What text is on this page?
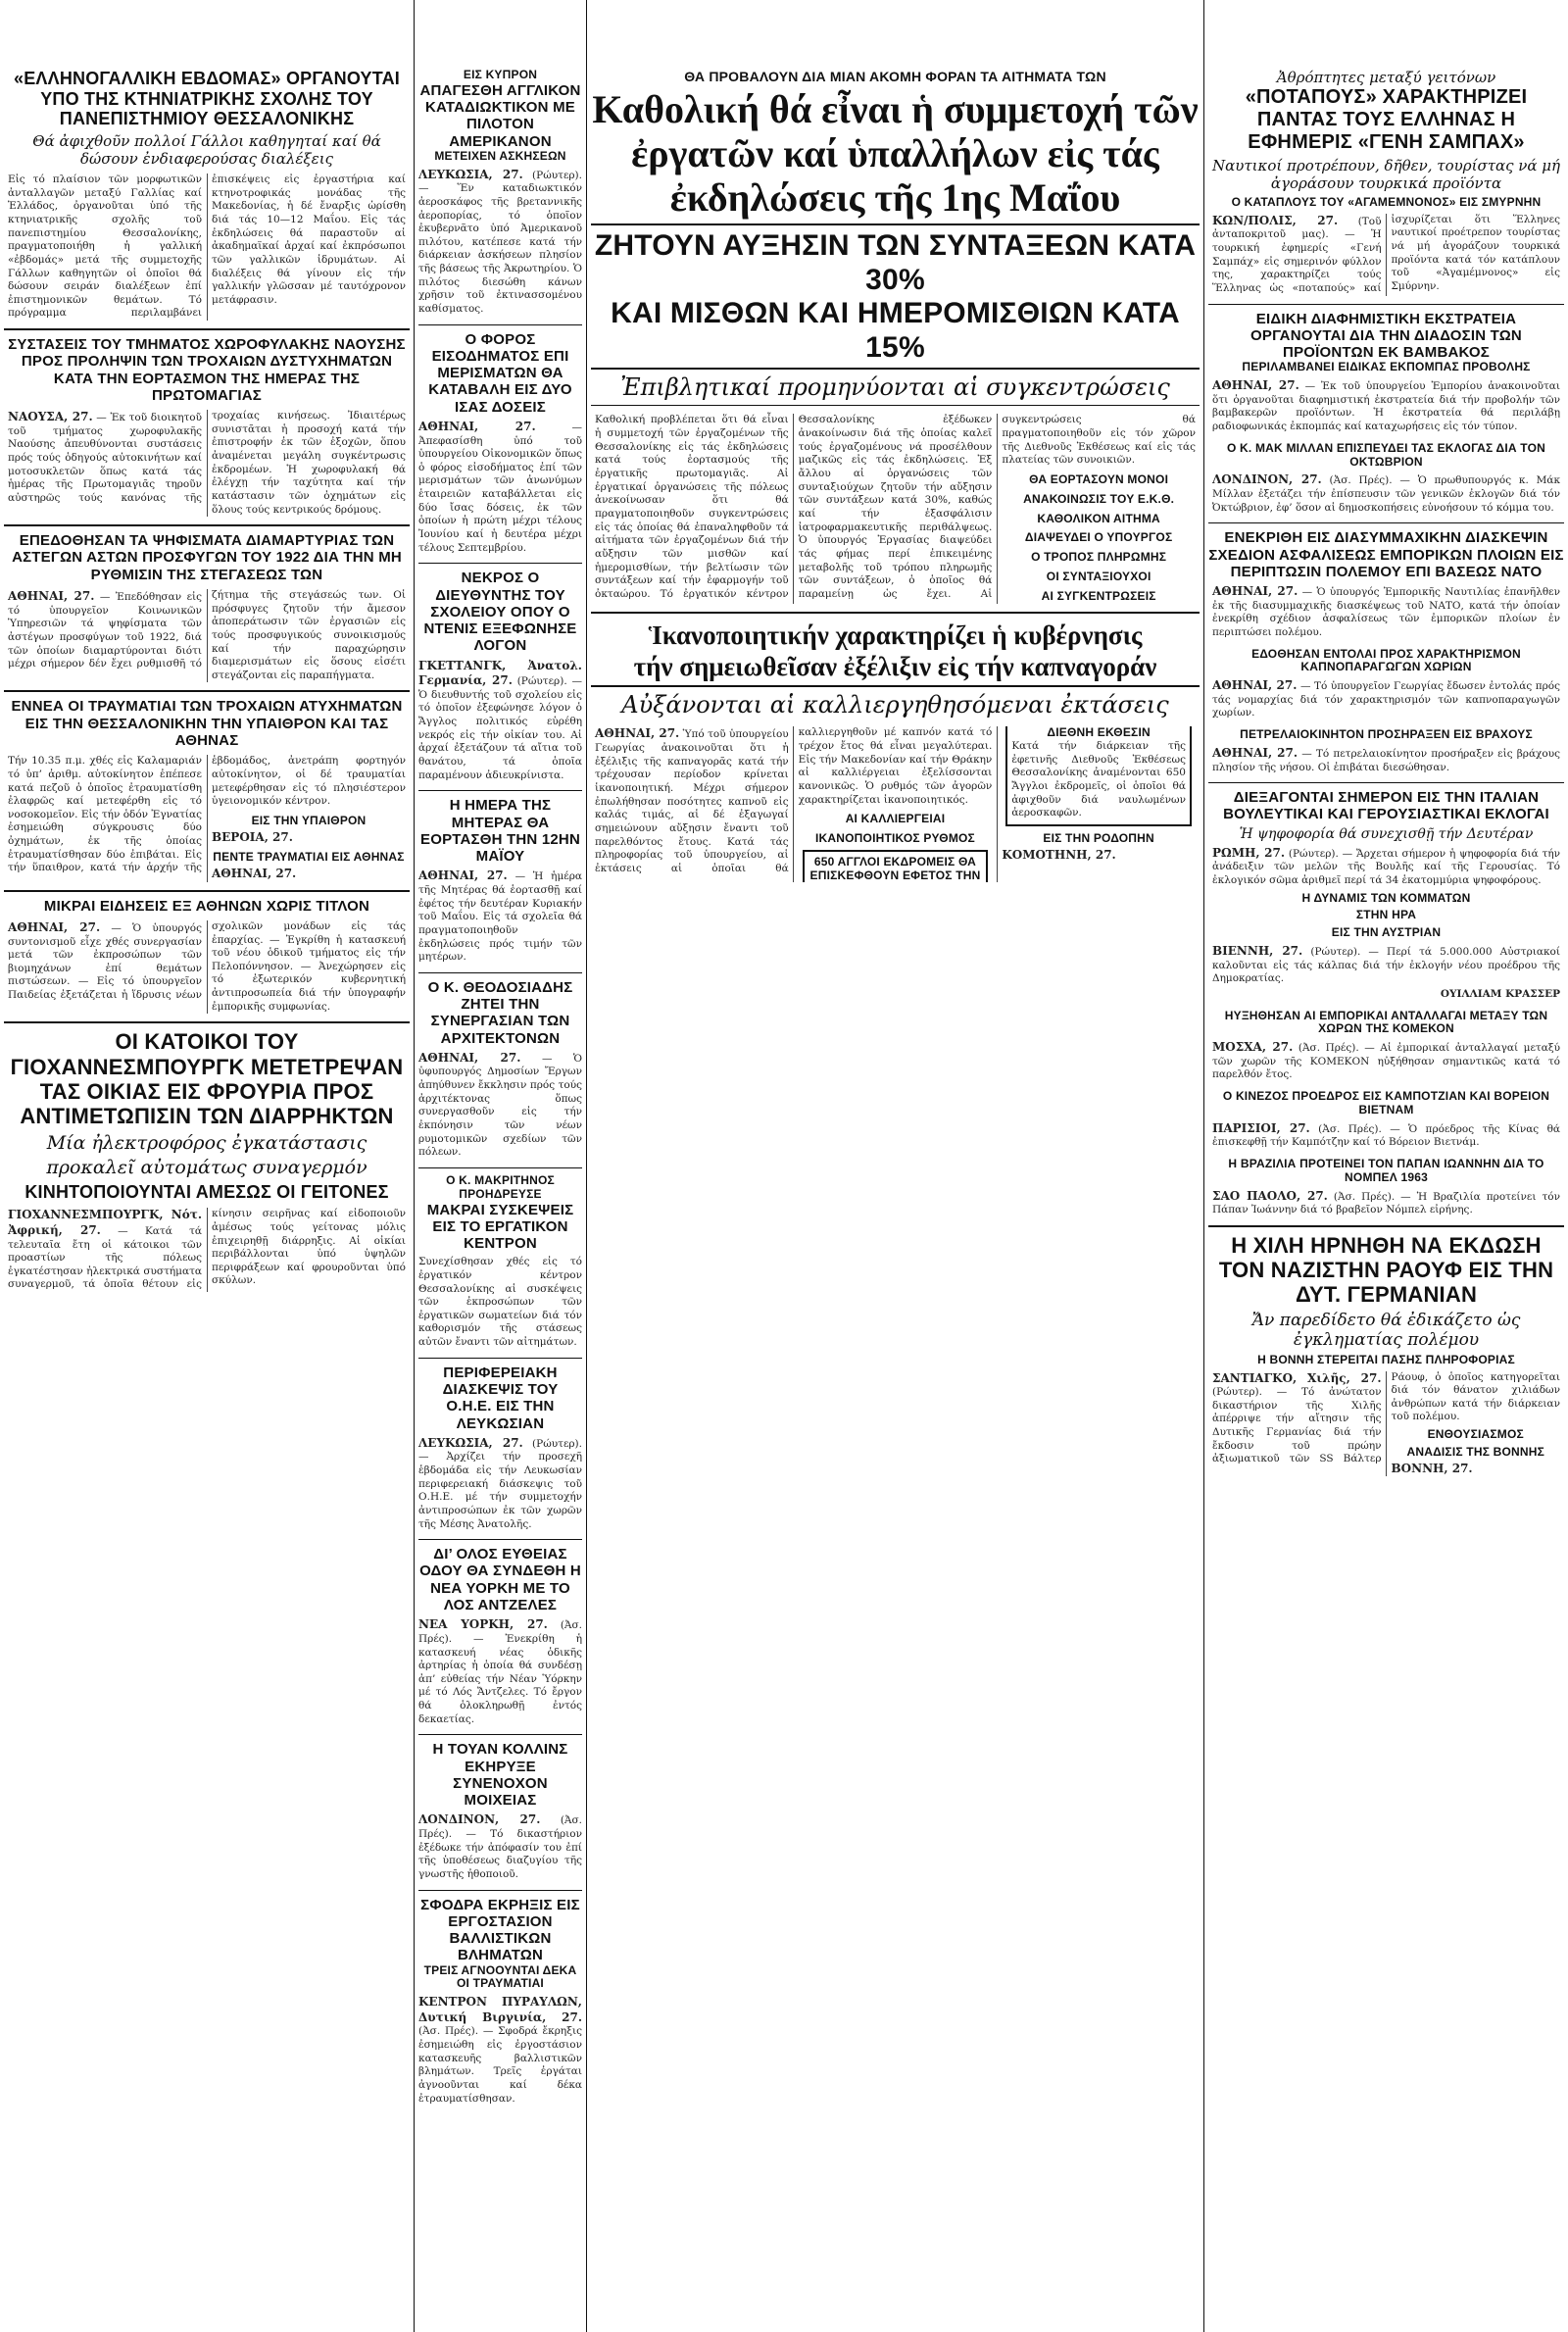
«ΕΛΛΗΝΟΓΑΛΛΙΚΗ ΕΒΔΟΜΑΣ» ΟΡΓΑΝΟΥΤΑΙ ΥΠΟ ΤΗΣ ΚΤΗΝΙΑΤΡΙΚΗΣ ΣΧΟΛΗΣ ΤΟΥ ΠΑΝΕΠΙΣΤΗΜΙΟΥ ΘΕΣΣΑΛΟΝΙΚΗΣ
Θά ἀφιχθοῦν πολλοί Γάλλοι καθηγηταί καί θά δώσουν ἐνδιαφερούσας διαλέξεις
Εἰς τό πλαίσιον τῶν μορφωτικῶν ἀνταλλαγῶν μεταξύ Γαλλίας καί Ἑλλάδος, ὀργανοῦται ὑπό τῆς κτηνιατρικῆς σχολῆς τοῦ πανεπιστημίου Θεσσαλονίκης, πραγματοποιήθη ἡ γαλλική «ἐβδομάς» μετά τῆς συμμετοχῆς Γάλλων καθηγητῶν οἱ ὁποῖοι θά δώσουν σειράν διαλέξεων ἐπί ἐπιστημονικῶν θεμάτων. Τό πρόγραμμα περιλαμβάνει ἐπισκέψεις εἰς ἐργαστήρια καί κτηνοτροφικάς μονάδας τῆς Μακεδονίας, ἡ δέ ἔναρξις ὡρίσθη διά τάς 10—12 Μαΐου. Εἰς τάς ἐκδηλώσεις θά παραστοῦν αἱ ἀκαδημαϊκαί ἀρχαί καί ἐκπρόσωποι τῶν γαλλικῶν ἱδρυμάτων. Αἱ διαλέξεις θά γίνουν εἰς τήν γαλλικήν γλῶσσαν μέ ταυτόχρονον μετάφρασιν.
ΣΥΣΤΑΣΕΙΣ ΤΟΥ ΤΜΗΜΑΤΟΣ ΧΩΡΟΦΥΛΑΚΗΣ ΝΑΟΥΣΗΣ ΠΡΟΣ ΠΡΟΛΗΨΙΝ ΤΩΝ ΤΡΟΧΑΙΩΝ ΔΥΣΤΥΧΗΜΑΤΩΝ ΚΑΤΑ ΤΗΝ ΕΟΡΤΑΣΜΟΝ ΤΗΣ ΗΜΕΡΑΣ ΤΗΣ ΠΡΩΤΟΜΑΓΙΑΣ
ΝΑΟΥΣΑ, 27. — Ἐκ τοῦ διοικητοῦ τοῦ τμήματος χωροφυλακῆς Ναούσης ἀπευθύνονται συστάσεις πρός τούς ὁδηγούς αὐτοκινήτων καί μοτοσυκλετῶν ὅπως κατά τάς ἡμέρας τῆς Πρωτομαγιᾶς τηροῦν αὐστηρῶς τούς κανόνας τῆς τροχαίας κινήσεως. Ἰδιαιτέρως συνιστᾶται ἡ προσοχή κατά τήν ἐπιστροφήν ἐκ τῶν ἐξοχῶν, ὅπου ἀναμένεται μεγάλη συγκέντρωσις ἐκδρομέων. Ἡ χωροφυλακή θά ἐλέγχῃ τήν ταχύτητα καί τήν κατάστασιν τῶν ὀχημάτων εἰς ὅλους τούς κεντρικούς δρόμους.
ΕΠΕΔΟΘΗΣΑΝ ΤΑ ΨΗΦΙΣΜΑΤΑ ΔΙΑΜΑΡΤΥΡΙΑΣ ΤΩΝ ΑΣΤΕΓΩΝ ΑΣΤΩΝ ΠΡΟΣΦΥΓΩΝ ΤΟΥ 1922 ΔΙΑ ΤΗΝ ΜΗ ΡΥΘΜΙΣΙΝ ΤΗΣ ΣΤΕΓΑΣΕΩΣ ΤΩΝ
ΑΘΗΝΑΙ, 27. — Ἐπεδόθησαν εἰς τό ὑπουργεῖον Κοινωνικῶν Ὑπηρεσιῶν τά ψηφίσματα τῶν ἀστέγων προσφύγων τοῦ 1922, διά τῶν ὁποίων διαμαρτύρονται διότι μέχρι σήμερον δέν ἔχει ρυθμισθῆ τό ζήτημα τῆς στεγάσεώς των. Οἱ πρόσφυγες ζητοῦν τήν ἄμεσον ἀποπεράτωσιν τῶν ἐργασιῶν εἰς τούς προσφυγικούς συνοικισμούς καί τήν παραχώρησιν διαμερισμάτων εἰς ὅσους εἰσέτι στεγάζονται εἰς παραπήγματα.
ΕΝΝΕΑ ΟΙ ΤΡΑΥΜΑΤΙΑΙ ΤΩΝ ΤΡΟΧΑΙΩΝ ΑΤΥΧΗΜΑΤΩΝ ΕΙΣ ΤΗΝ ΘΕΣΣΑΛΟΝΙΚΗΝ ΤΗΝ ΥΠΑΙΘΡΟΝ ΚΑΙ ΤΑΣ ΑΘΗΝΑΣ
Τήν 10.35 π.μ. χθές εἰς Καλαμαριάν τό ὑπ’ ἀριθμ. αὐτοκίνητον ἐπέπεσε κατά πεζοῦ ὁ ὁποῖος ἐτραυματίσθη ἐλαφρῶς καί μετεφέρθη εἰς τό νοσοκομεῖον. Εἰς τήν ὁδόν Ἐγνατίας ἐσημειώθη σύγκρουσις δύο ὀχημάτων, ἐκ τῆς ὁποίας ἐτραυματίσθησαν δύο ἐπιβάται. Εἰς τήν ὕπαιθρον, κατά τήν ἀρχήν τῆς ἑβδομάδος, ἀνετράπη φορτηγόν αὐτοκίνητον, οἱ δέ τραυματίαι μετεφέρθησαν εἰς τό πλησιέστερον ὑγειονομικόν κέντρον.
ΕΙΣ ΤΗΝ ΥΠΑΙΘΡΟΝ
ΒΕΡΟΙΑ, 27.
ΠΕΝΤΕ ΤΡΑΥΜΑΤΙΑΙ ΕΙΣ ΑΘΗΝΑΣ
ΑΘΗΝΑΙ, 27.
ΜΙΚΡΑΙ ΕΙΔΗΣΕΙΣ ΕΞ ΑΘΗΝΩΝ ΧΩΡΙΣ ΤΙΤΛΟΝ
ΑΘΗΝΑΙ, 27. — Ὁ ὑπουργός συντονισμοῦ εἶχε χθές συνεργασίαν μετά τῶν ἐκπροσώπων τῶν βιομηχάνων ἐπί θεμάτων πιστώσεων. — Εἰς τό ὑπουργεῖον Παιδείας ἐξετάζεται ἡ ἵδρυσις νέων σχολικῶν μονάδων εἰς τάς ἐπαρχίας. — Ἐγκρίθη ἡ κατασκευή τοῦ νέου ὁδικοῦ τμήματος εἰς τήν Πελοπόννησον. — Ἀνεχώρησεν εἰς τό ἐξωτερικόν κυβερνητική ἀντιπροσωπεία διά τήν ὑπογραφήν ἐμπορικῆς συμφωνίας.
ΟΙ ΚΑΤΟΙΚΟΙ ΤΟΥ ΓΙΟΧΑΝΝΕΣΜΠΟΥΡΓΚ ΜΕΤΕΤΡΕΨΑΝ ΤΑΣ ΟΙΚΙΑΣ ΕΙΣ ΦΡΟΥΡΙΑ ΠΡΟΣ ΑΝΤΙΜΕΤΩΠΙΣΙΝ ΤΩΝ ΔΙΑΡΡΗΚΤΩΝ
Μία ἠλεκτροφόρος ἐγκατάστασις
προκαλεῖ αὐτομάτως συναγερμόν
ΚΙΝΗΤΟΠΟΙΟΥΝΤΑΙ ΑΜΕΣΩΣ ΟΙ ΓΕΙΤΟΝΕΣ
ΓΙΟΧΑΝΝΕΣΜΠΟΥΡΓΚ, Νότ. Ἀφρική, 27. — Κατά τά τελευταῖα ἔτη οἱ κάτοικοι τῶν προαστίων τῆς πόλεως ἐγκατέστησαν ἠλεκτρικά συστήματα συναγερμοῦ, τά ὁποῖα θέτουν εἰς κίνησιν σειρῆνας καί εἰδοποιοῦν ἀμέσως τούς γείτονας μόλις ἐπιχειρηθῇ διάρρηξις. Αἱ οἰκίαι περιβάλλονται ὑπό ὑψηλῶν περιφράξεων καί φρουροῦνται ὑπό σκύλων.
ΕΙΣ ΚΥΠΡΟΝ
ΑΠΑΓΕΣΘΗ ΑΓΓΛΙΚΟΝ ΚΑΤΑΔΙΩΚΤΙΚΟΝ ΜΕ ΠΙΛΟΤΟΝ ΑΜΕΡΙΚΑΝΟΝ
ΜΕΤΕΙΧΕΝ ΑΣΚΗΣΕΩΝ
ΛΕΥΚΩΣΙΑ, 27. (Ρώυτερ). — Ἕν καταδιωκτικόν ἀεροσκάφος τῆς βρεταννικῆς ἀεροπορίας, τό ὁποῖον ἐκυβερνᾶτο ὑπό Ἀμερικανοῦ πιλότου, κατέπεσε κατά τήν διάρκειαν ἀσκήσεων πλησίον τῆς βάσεως τῆς Ἀκρωτηρίου. Ὁ πιλότος διεσώθη κάνων χρῆσιν τοῦ ἐκτινασσομένου καθίσματος.
Ο ΦΟΡΟΣ ΕΙΣΟΔΗΜΑΤΟΣ ΕΠΙ ΜΕΡΙΣΜΑΤΩΝ ΘΑ ΚΑΤΑΒΑΛΗ ΕΙΣ ΔΥΟ ΙΣΑΣ ΔΟΣΕΙΣ
ΑΘΗΝΑΙ, 27.	— Ἀπεφασίσθη ὑπό τοῦ ὑπουργείου Οἰκονομικῶν ὅπως ὁ φόρος εἰσοδήματος ἐπί τῶν μερισμάτων τῶν ἀνωνύμων ἑταιρειῶν καταβάλλεται εἰς δύο ἴσας δόσεις, ἐκ τῶν ὁποίων ἡ πρώτη μέχρι τέλους Ἰουνίου καί ἡ δευτέρα μέχρι τέλους Σεπτεμβρίου.
ΝΕΚΡΟΣ Ο ΔΙΕΥΘΥΝΤΗΣ ΤΟΥ ΣΧΟΛΕΙΟΥ ΟΠΟΥ Ο ΝΤΕΝΙΣ ΕΞΕΦΩΝΗΣΕ ΛΟΓΟΝ
ΓΚΕΤΤΑΝΓΚ, Ἀνατολ. Γερμανία, 27. (Ρώυτερ). — Ὁ διευθυντής τοῦ σχολείου εἰς τό ὁποῖον ἐξεφώνησε λόγον ὁ Ἄγγλος πολιτικός εὑρέθη νεκρός εἰς τήν οἰκίαν του. Αἱ ἀρχαί ἐξετάζουν τά αἴτια τοῦ θανάτου, τά ὁποῖα παραμένουν ἀδιευκρίνιστα.
Η ΗΜΕΡΑ ΤΗΣ ΜΗΤΕΡΑΣ ΘΑ ΕΟΡΤΑΣΘΗ ΤΗΝ 12ΗΝ ΜΑΪΟΥ
ΑΘΗΝΑΙ, 27. — Ἡ ἡμέρα τῆς Μητέρας θά ἑορτασθῇ καί ἐφέτος τήν δευτέραν Κυριακήν τοῦ Μαΐου. Εἰς τά σχολεῖα θά πραγματοποιηθοῦν ἐκδηλώσεις πρός τιμήν τῶν μητέρων.
Ο Κ. ΘΕΟΔΟΣΙΑΔΗΣ ΖΗΤΕΙ ΤΗΝ ΣΥΝΕΡΓΑΣΙΑΝ ΤΩΝ ΑΡΧΙΤΕΚΤΟΝΩΝ
ΑΘΗΝΑΙ, 27. — Ὁ ὑφυπουργός Δημοσίων Ἔργων ἀπηύθυνεν ἔκκλησιν πρός τούς ἀρχιτέκτονας ὅπως συνεργασθοῦν εἰς τήν ἐκπόνησιν τῶν νέων ρυμοτομικῶν σχεδίων τῶν πόλεων.
Ο Κ. ΜΑΚΡΙΤΗΝΟΣ ΠΡΟΗΔΡΕΥΣΕ
ΜΑΚΡΑΙ ΣΥΣΚΕΨΕΙΣ ΕΙΣ ΤΟ ΕΡΓΑΤΙΚΟΝ ΚΕΝΤΡΟΝ
Συνεχίσθησαν χθές εἰς τό ἐργατικόν κέντρον Θεσσαλονίκης αἱ συσκέψεις τῶν ἐκπροσώπων τῶν ἐργατικῶν σωματείων διά τόν καθορισμόν τῆς στάσεως αὐτῶν ἔναντι τῶν αἰτημάτων.
ΠΕΡΙΦΕΡΕΙΑΚΗ ΔΙΑΣΚΕΨΙΣ ΤΟΥ Ο.Η.Ε. ΕΙΣ ΤΗΝ ΛΕΥΚΩΣΙΑΝ
ΛΕΥΚΩΣΙΑ, 27. (Ρώυτερ). — Ἀρχίζει τήν προσεχῆ ἑβδομάδα εἰς τήν Λευκωσίαν περιφερειακή διάσκεψις τοῦ Ο.Η.Ε. μέ τήν συμμετοχήν ἀντιπροσώπων ἐκ τῶν χωρῶν τῆς Μέσης Ἀνατολῆς.
ΔΙ’ ΟΛΟΣ ΕΥΘΕΙΑΣ ΟΔΟΥ ΘΑ ΣΥΝΔΕΘΗ Η ΝΕΑ ΥΟΡΚΗ ΜΕ ΤΟ ΛΟΣ ΑΝΤΖΕΛΕΣ
ΝΕΑ ΥΟΡΚΗ, 27. (Ἀσ. Πρές). — Ἐνεκρίθη ἡ κατασκευή νέας ὁδικῆς ἀρτηρίας ἡ ὁποία θά συνδέσῃ ἀπ’ εὐθείας τήν Νέαν Ὑόρκην μέ τό Λός Ἄντζελες. Τό ἔργον θά ὁλοκληρωθῇ ἐντός δεκαετίας.
Η ΤΟΥΑΝ ΚΟΛΛΙΝΣ ΕΚΗΡΥΞΕ ΣΥΝΕΝΟΧΟΝ ΜΟΙΧΕΙΑΣ
ΛΟΝΔΙΝΟΝ, 27. (Ἀσ. Πρές). — Τό δικαστήριον ἐξέδωκε τήν ἀπόφασίν του ἐπί τῆς ὑποθέσεως διαζυγίου τῆς γνωστῆς ἠθοποιοῦ.
ΣΦΟΔΡΑ ΕΚΡΗΞΙΣ ΕΙΣ ΕΡΓΟΣΤΑΣΙΟΝ ΒΑΛΛΙΣΤΙΚΩΝ ΒΛΗΜΑΤΩΝ
ΤΡΕΙΣ ΑΓΝΟΟΥΝΤΑΙ ΔΕΚΑ ΟΙ ΤΡΑΥΜΑΤΙΑΙ
ΚΕΝΤΡΟΝ ΠΥΡΑΥΛΩΝ, Δυτική Βιργινία, 27. (Ἀσ. Πρές). — Σφοδρά ἔκρηξις ἐσημειώθη εἰς ἐργοστάσιον κατασκευῆς βαλλιστικῶν βλημάτων. Τρεῖς ἐργάται ἀγνοοῦνται καί δέκα ἐτραυματίσθησαν.
ΘΑ ΠΡΟΒΑΛΟΥΝ ΔΙΑ ΜΙΑΝ ΑΚΟΜΗ ΦΟΡΑΝ ΤΑ ΑΙΤΗΜΑΤΑ ΤΩΝ
Καθολική θά εἶναι ἡ συμμετοχή τῶν ἐργατῶν καί ὑπαλλήλων εἰς τάς ἐκδηλώσεις τῆς 1ης Μαΐου
ΖΗΤΟΥΝ ΑΥΞΗΣΙΝ ΤΩΝ ΣΥΝΤΑΞΕΩΝ ΚΑΤΑ 30%
ΚΑΙ ΜΙΣΘΩΝ ΚΑΙ ΗΜΕΡΟΜΙΣΘΙΩΝ ΚΑΤΑ 15%
Ἐπιβλητικαί προμηνύονται αἱ συγκεντρώσεις
Καθολική προβλέπεται ὅτι θά εἶναι ἡ συμμετοχή τῶν ἐργαζομένων τῆς Θεσσαλονίκης εἰς τάς ἐκδηλώσεις κατά τούς ἑορτασμούς τῆς ἐργατικῆς πρωτομαγιᾶς. Αἱ ἐργατικαί ὀργανώσεις τῆς πόλεως ἀνεκοίνωσαν ὅτι θά πραγματοποιηθοῦν συγκεντρώσεις εἰς τάς ὁποίας θά ἐπαναληφθοῦν τά αἰτήματα τῶν ἐργαζομένων διά τήν αὔξησιν τῶν μισθῶν καί ἡμερομισθίων, τήν βελτίωσιν τῶν συντάξεων καί τήν ἐφαρμογήν τοῦ ὀκταώρου. Τό ἐργατικόν κέντρον Θεσσαλονίκης ἐξέδωκεν ἀνακοίνωσιν διά τῆς ὁποίας καλεῖ τούς ἐργαζομένους νά προσέλθουν μαζικῶς εἰς τάς ἐκδηλώσεις. Ἐξ ἄλλου αἱ ὀργανώσεις τῶν συνταξιούχων ζητοῦν τήν αὔξησιν τῶν συντάξεων κατά 30%, καθώς καί τήν ἐξασφάλισιν ἰατροφαρμακευτικῆς περιθάλψεως. Ὁ ὑπουργός Ἐργασίας διαψεύδει τάς φήμας περί ἐπικειμένης μεταβολῆς τοῦ τρόπου πληρωμῆς τῶν συντάξεων, ὁ ὁποῖος θά παραμείνῃ ὡς ἔχει. Αἱ συγκεντρώσεις θά πραγματοποιηθοῦν εἰς τόν χῶρον τῆς Διεθνοῦς Ἐκθέσεως καί εἰς τάς πλατείας τῶν συνοικιῶν.
ΘΑ ΕΟΡΤΑΣΟΥΝ ΜΟΝΟΙ
ΑΝΑΚΟΙΝΩΣΙΣ ΤΟΥ Ε.Κ.Θ.
ΚΑΘΟΛΙΚΟΝ ΑΙΤΗΜΑ
ΔΙΑΨΕΥΔΕΙ Ο ΥΠΟΥΡΓΟΣ
Ο ΤΡΟΠΟΣ ΠΛΗΡΩΜΗΣ
ΟΙ ΣΥΝΤΑΞΙΟΥΧΟΙ
ΑΙ ΣΥΓΚΕΝΤΡΩΣΕΙΣ
Ἱκανοποιητικήν χαρακτηρίζει ἡ κυβέρνησις
τήν σημειωθεῖσαν ἐξέλιξιν εἰς τήν καπναγοράν
Αὐξάνονται αἱ καλλιεργηθησόμεναι ἐκτάσεις
ΑΘΗΝΑΙ, 27. Ὑπό τοῦ ὑπουργείου Γεωργίας ἀνακοινοῦται ὅτι ἡ ἐξέλιξις τῆς καπναγορᾶς κατά τήν τρέχουσαν περίοδον κρίνεται ἱκανοποιητική. Μέχρι σήμερον ἐπωλήθησαν ποσότητες καπνοῦ εἰς καλάς τιμάς, αἱ δέ ἐξαγωγαί σημειώνουν αὔξησιν ἔναντι τοῦ παρελθόντος ἔτους. Κατά τάς πληροφορίας τοῦ ὑπουργείου, αἱ ἐκτάσεις αἱ ὁποῖαι θά καλλιεργηθοῦν μέ καπνόν κατά τό τρέχον ἔτος θά εἶναι μεγαλύτεραι. Εἰς τήν Μακεδονίαν καί τήν Θράκην αἱ καλλιέργειαι ἐξελίσσονται κανονικῶς. Ὁ ρυθμός τῶν ἀγορῶν χαρακτηρίζεται ἱκανοποιητικός.
ΑΙ ΚΑΛΛΙΕΡΓΕΙΑΙ
ΙΚΑΝΟΠΟΙΗΤΙΚΟΣ ΡΥΘΜΟΣ
650 ΑΓΓΛΟΙ ΕΚΔΡΟΜΕΙΣ ΘΑ ΕΠΙΣΚΕΦΘΟΥΝ ΕΦΕΤΟΣ ΤΗΝ ΔΙΕΘΝΗ ΕΚΘΕΣΙΝ
Κατά τήν διάρκειαν τῆς ἐφετινῆς Διεθνοῦς Ἐκθέσεως Θεσσαλονίκης ἀναμένονται 650 Ἄγγλοι ἐκδρομεῖς, οἱ ὁποῖοι θά ἀφιχθοῦν διά ναυλωμένων ἀεροσκαφῶν.
ΕΙΣ ΤΗΝ ΡΟΔΟΠΗΝ
ΚΟΜΟΤΗΝΗ, 27.
Ἀθρόπτητες μεταξύ γειτόνων
«ΠΟΤΑΠΟΥΣ» ΧΑΡΑΚΤΗΡΙΖΕΙ ΠΑΝΤΑΣ ΤΟΥΣ ΕΛΛΗΝΑΣ Η ΕΦΗΜΕΡΙΣ «ΓΕΝΗ ΣΑΜΠΑΧ»
Ναυτικοί προτρέπουν, δῆθεν, τουρίστας νά μή ἀγοράσουν τουρκικά προϊόντα
Ο ΚΑΤΑΠΛΟΥΣ ΤΟΥ «ΑΓΑΜΕΜΝΟΝΟΣ» ΕΙΣ ΣΜΥΡΝΗΝ
ΚΩΝ/ΠΟΛΙΣ, 27. (Τοῦ ἀνταποκριτοῦ μας). — Ἡ τουρκική ἐφημερίς «Γενή Σαμπάχ» εἰς σημερινόν φύλλον της, χαρακτηρίζει τούς Ἕλληνας ὡς «ποταπούς» καί ἰσχυρίζεται ὅτι Ἕλληνες ναυτικοί προέτρεπον τουρίστας νά μή ἀγοράζουν τουρκικά προϊόντα κατά τόν κατάπλουν τοῦ «Ἀγαμέμνονος» εἰς Σμύρνην.
ΕΙΔΙΚΗ ΔΙΑΦΗΜΙΣΤΙΚΗ ΕΚΣΤΡΑΤΕΙΑ ΟΡΓΑΝΟΥΤΑΙ ΔΙΑ ΤΗΝ ΔΙΑΔΟΣΙΝ ΤΩΝ ΠΡΟΪΟΝΤΩΝ ΕΚ ΒΑΜΒΑΚΟΣ
ΠΕΡΙΛΑΜΒΑΝΕΙ ΕΙΔΙΚΑΣ ΕΚΠΟΜΠΑΣ ΠΡΟΒΟΛΗΣ
ΑΘΗΝΑΙ, 27. — Ἐκ τοῦ ὑπουργείου Ἐμπορίου ἀνακοινοῦται ὅτι ὀργανοῦται διαφημιστική ἐκστρατεία διά τήν προβολήν τῶν βαμβακερῶν προϊόντων. Ἡ ἐκστρατεία θά περιλάβῃ ραδιοφωνικάς ἐκπομπάς καί καταχωρήσεις εἰς τόν τύπον.
Ο Κ. ΜΑΚ ΜΙΛΛΑΝ ΕΠΙΣΠΕΥΔΕΙ ΤΑΣ ΕΚΛΟΓΑΣ ΔΙΑ ΤΟΝ ΟΚΤΩΒΡΙΟΝ
ΛΟΝΔΙΝΟΝ, 27. (Ἀσ. Πρές). — Ὁ πρωθυπουργός κ. Μάκ Μίλλαν ἐξετάζει τήν ἐπίσπευσιν τῶν γενικῶν ἐκλογῶν διά τόν Ὀκτώβριον, ἐφ’ ὅσον αἱ δημοσκοπήσεις εὐνοήσουν τό κόμμα του.
ΕΝΕΚΡΙΘΗ ΕΙΣ ΔΙΑΣΥΜΜΑΧΙΚΗΝ ΔΙΑΣΚΕΨΙΝ ΣΧΕΔΙΟΝ ΑΣΦΑΛΙΣΕΩΣ ΕΜΠΟΡΙΚΩΝ ΠΛΟΙΩΝ ΕΙΣ ΠΕΡΙΠΤΩΣΙΝ ΠΟΛΕΜΟΥ ΕΠΙ ΒΑΣΕΩΣ ΝΑΤΟ
ΑΘΗΝΑΙ, 27. — Ὁ ὑπουργός Ἐμπορικῆς Ναυτιλίας ἐπανῆλθεν ἐκ τῆς διασυμμαχικῆς διασκέψεως τοῦ ΝΑΤΟ, κατά τήν ὁποίαν ἐνεκρίθη σχέδιον ἀσφαλίσεως τῶν ἐμπορικῶν πλοίων ἐν περιπτώσει πολέμου.
ΕΔΟΘΗΣΑΝ ΕΝΤΟΛΑΙ ΠΡΟΣ ΧΑΡΑΚΤΗΡΙΣΜΟΝ ΚΑΠΝΟΠΑΡΑΓΩΓΩΝ ΧΩΡΙΩΝ
ΑΘΗΝΑΙ, 27. — Τό ὑπουργεῖον Γεωργίας ἔδωσεν ἐντολάς πρός τάς νομαρχίας διά τόν χαρακτηρισμόν τῶν καπνοπαραγωγῶν χωρίων.
ΠΕΤΡΕΛΑΙΟΚΙΝΗΤΟΝ ΠΡΟΣΗΡΑΞΕΝ ΕΙΣ ΒΡΑΧΟΥΣ
ΑΘΗΝΑΙ, 27. — Τό πετρελαιοκίνητον προσήραξεν εἰς βράχους πλησίον τῆς νήσου. Οἱ ἐπιβάται διεσώθησαν.
ΔΙΕΞΑΓΟΝΤΑΙ ΣΗΜΕΡΟΝ ΕΙΣ ΤΗΝ ΙΤΑΛΙΑΝ ΒΟΥΛΕΥΤΙΚΑΙ ΚΑΙ ΓΕΡΟΥΣΙΑΣΤΙΚΑΙ ΕΚΛΟΓΑΙ
Ἡ ψηφοφορία θά συνεχισθῇ τήν Δευτέραν
ΡΩΜΗ, 27. (Ρώυτερ). — Ἄρχεται σήμερον ἡ ψηφοφορία διά τήν ἀνάδειξιν τῶν μελῶν τῆς Βουλῆς καί τῆς Γερουσίας. Τό ἐκλογικόν σῶμα ἀριθμεῖ περί τά 34 ἑκατομμύρια ψηφοφόρους.
Η ΔΥΝΑΜΙΣ ΤΩΝ ΚΟΜΜΑΤΩΝ
ΣΤΗΝ ΗΡΑ
ΕΙΣ ΤΗΝ ΑΥΣΤΡΙΑΝ
ΒΙΕΝΝΗ, 27. (Ρώυτερ). — Περί τά 5.000.000 Αὐστριακοί καλοῦνται εἰς τάς κάλπας διά τήν ἐκλογήν νέου προέδρου τῆς Δημοκρατίας.
ΟΥΙΛΛΙΑΜ ΚΡΑΣΣΕΡ
ΗΥΞΗΘΗΣΑΝ ΑΙ ΕΜΠΟΡΙΚΑΙ ΑΝΤΑΛΛΑΓΑΙ ΜΕΤΑΞΥ ΤΩΝ ΧΩΡΩΝ ΤΗΣ ΚΟΜΕΚΟΝ
ΜΟΣΧΑ, 27. (Ἀσ. Πρές). — Αἱ ἐμπορικαί ἀνταλλαγαί μεταξύ τῶν χωρῶν τῆς ΚΟΜΕΚΟΝ ηὐξήθησαν σημαντικῶς κατά τό παρελθόν ἔτος.
Ο ΚΙΝΕΖΟΣ ΠΡΟΕΔΡΟΣ ΕΙΣ ΚΑΜΠΟΤΖΙΑΝ ΚΑΙ ΒΟΡΕΙΟΝ ΒΙΕΤΝΑΜ
ΠΑΡΙΣΙΟΙ, 27. (Ἀσ. Πρές). — Ὁ πρόεδρος τῆς Κίνας θά ἐπισκεφθῇ τήν Καμπότζην καί τό Βόρειον Βιετνάμ.
Η ΒΡΑΖΙΛΙΑ ΠΡΟΤΕΙΝΕΙ ΤΟΝ ΠΑΠΑΝ ΙΩΑΝΝΗΝ ΔΙΑ ΤΟ ΝΟΜΠΕΛ 1963
ΣΑΟ ΠΑΟΛΟ, 27. (Ἀσ. Πρές). — Ἡ Βραζιλία προτείνει τόν Πάπαν Ἰωάννην διά τό βραβεῖον Νόμπελ εἰρήνης.
Η ΧΙΛΗ ΗΡΝΗΘΗ ΝΑ ΕΚΔΩΣΗ ΤΟΝ ΝΑΖΙΣΤΗΝ ΡΑΟΥΦ ΕΙΣ ΤΗΝ ΔΥΤ. ΓΕΡΜΑΝΙΑΝ
Ἄν παρεδίδετο θά ἐδικάζετο ὡς ἐγκληματίας πολέμου
Η ΒΟΝΝΗ ΣΤΕΡΕΙΤΑΙ ΠΑΣΗΣ ΠΛΗΡΟΦΟΡΙΑΣ
ΣΑΝΤΙΑΓΚΟ, Χιλῆς, 27. (Ρώυτερ). — Τό ἀνώτατον δικαστήριον τῆς Χιλῆς ἀπέρριψε τήν αἴτησιν τῆς Δυτικῆς Γερμανίας διά τήν ἔκδοσιν τοῦ πρώην ἀξιωματικοῦ τῶν SS Βάλτερ Ράουφ, ὁ ὁποῖος κατηγορεῖται διά τόν θάνατον χιλιάδων ἀνθρώπων κατά τήν διάρκειαν τοῦ πολέμου.
ΕΝΘΟΥΣΙΑΣΜΟΣ
ΑΝΑΔΙΣΙΣ ΤΗΣ ΒΟΝΝΗΣ
ΒΟΝΝΗ, 27.
